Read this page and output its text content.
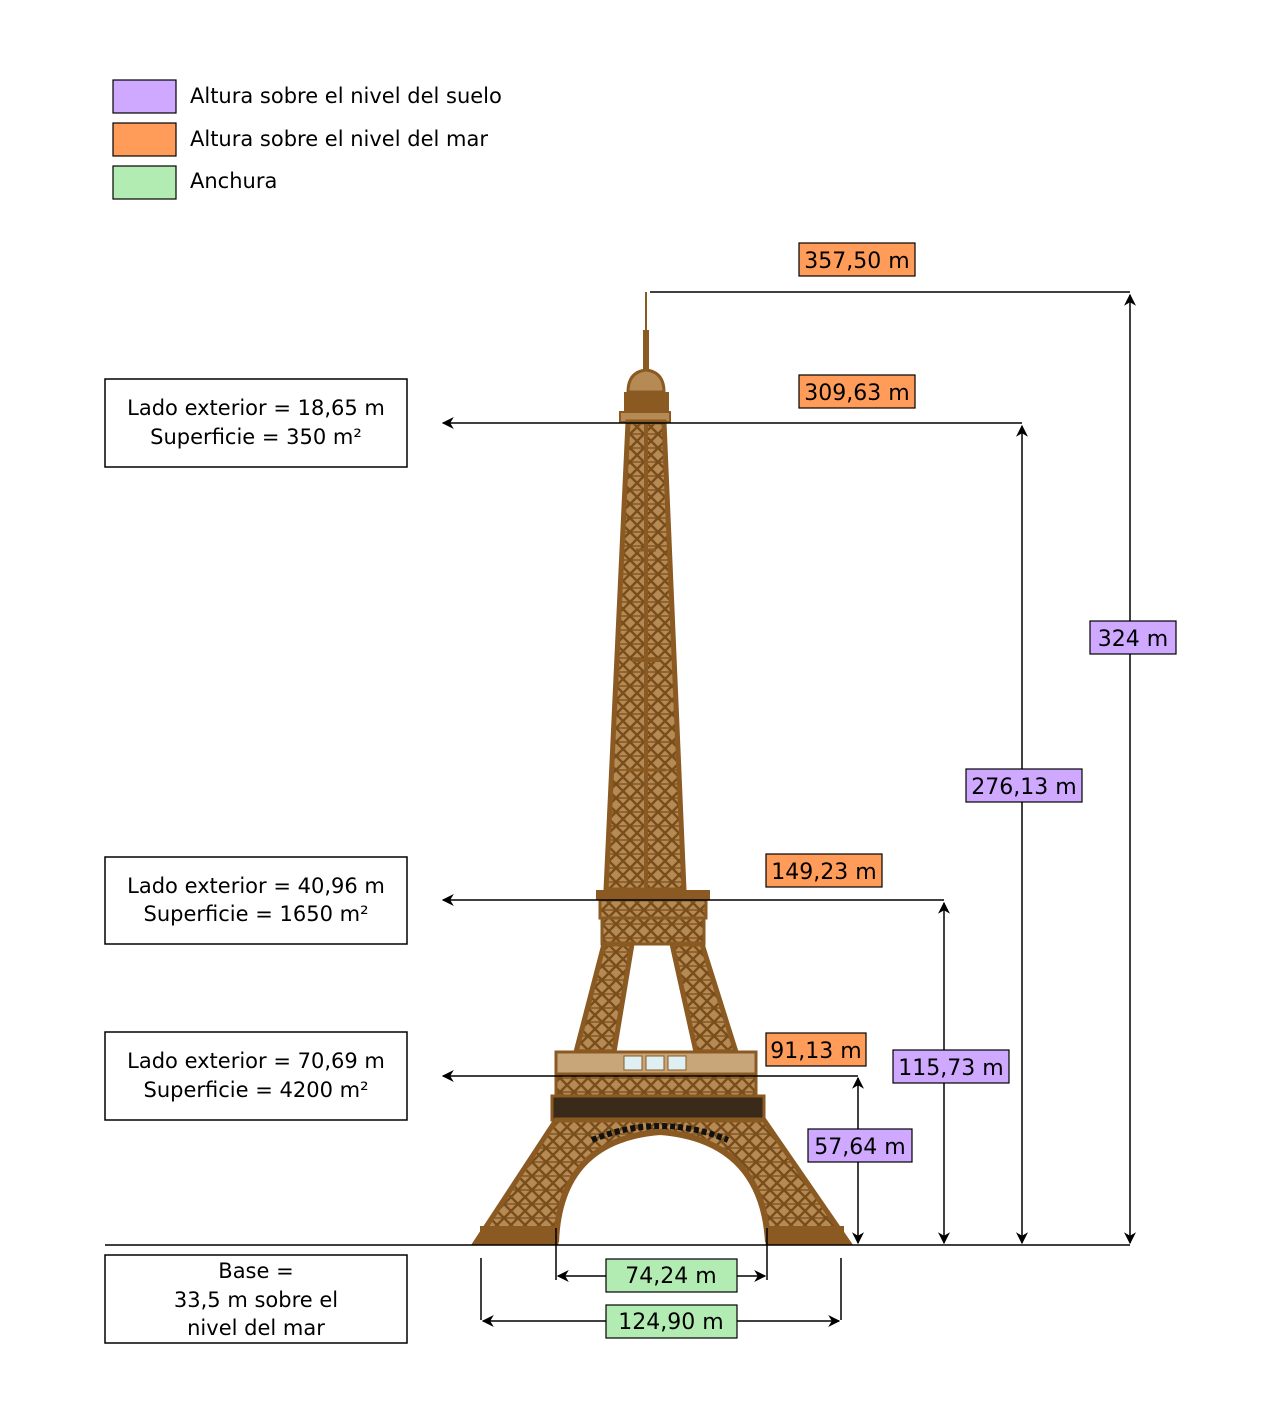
Altura sobre el nivel del suelo
Altura sobre el nivel del mar
Anchura
357,50 m
309,63 m
149,23 m
91,13 m
324 m
276,13 m
115,73 m
57,64 m
Lado exterior = 18,65 m
Superficie = 350 m²
Lado exterior = 40,96 m
Superficie = 1650 m²
Lado exterior = 70,69 m
Superficie = 4200 m²
Base =
33,5 m sobre el
nivel del mar
74,24 m
124,90 m
